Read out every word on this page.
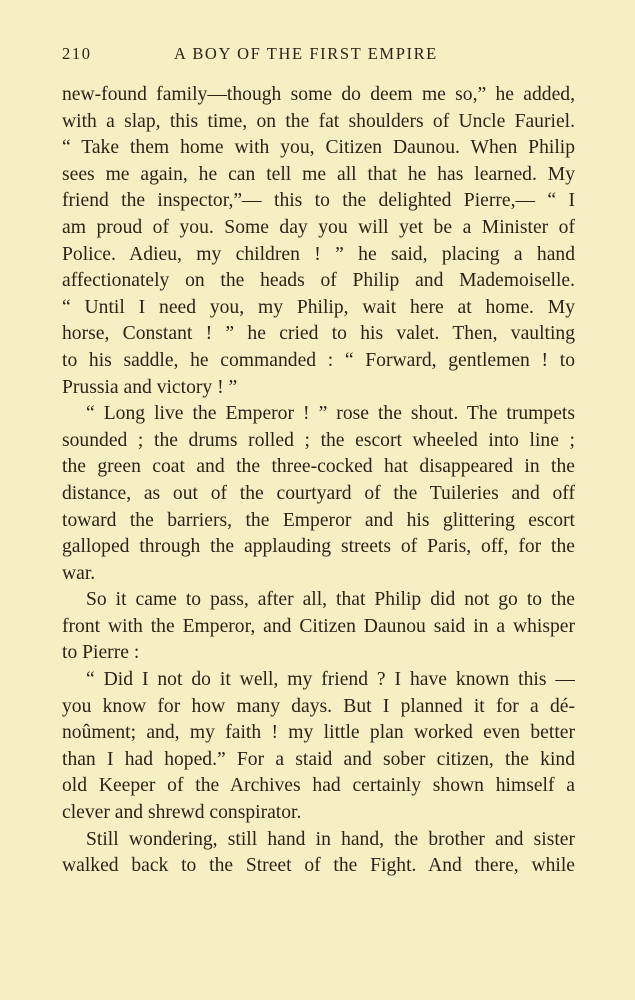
210	A BOY OF THE FIRST EMPIRE
new-found family—though some do deem me so,” he added,
with a slap, this time, on the fat shoulders of Uncle Fauriel.
“ Take them home with you, Citizen Daunou. When Philip
sees me again, he can tell me all that he has learned. My
friend the inspector,”— this to the delighted Pierre,— “ I
am proud of you. Some day you will yet be a Minister of
Police. Adieu, my children ! ” he said, placing a hand
affectionately on the heads of Philip and Mademoiselle.
“ Until I need you, my Philip, wait here at home. My
horse, Constant ! ” he cried to his valet. Then, vaulting
to his saddle, he commanded : “ Forward, gentlemen ! to
Prussia and victory ! ”
“ Long live the Emperor ! ” rose the shout. The trumpets
sounded ; the drums rolled ; the escort wheeled into line ;
the green coat and the three-cocked hat disappeared in the
distance, as out of the courtyard of the Tuileries and off
toward the barriers, the Emperor and his glittering escort
galloped through the applauding streets of Paris, off, for the
war.
So it came to pass, after all, that Philip did not go to the
front with the Emperor, and Citizen Daunou said in a whisper
to Pierre :
“ Did I not do it well, my friend ? I have known this —
you know for how many days. But I planned it for a dé-
noûment; and, my faith ! my little plan worked even better
than I had hoped.” For a staid and sober citizen, the kind
old Keeper of the Archives had certainly shown himself a
clever and shrewd conspirator.
Still wondering, still hand in hand, the brother and sister
walked back to the Street of the Fight. And there, while
